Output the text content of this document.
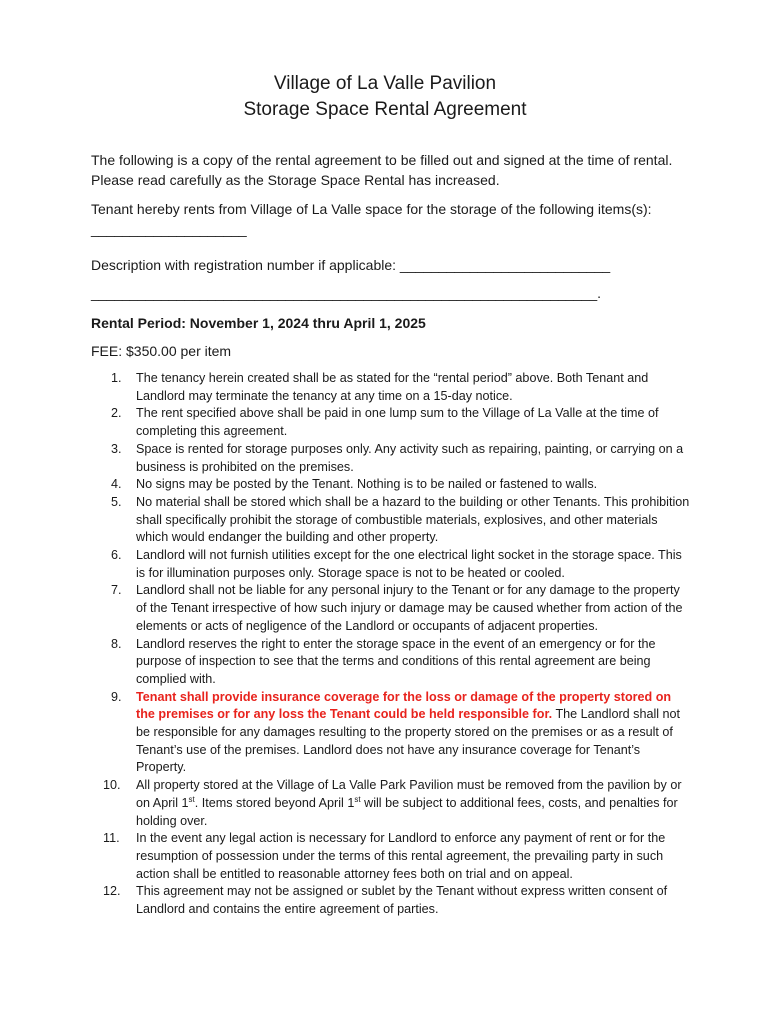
Village of La Valle Pavilion

Storage Space Rental Agreement

The following is a copy of the rental agreement to be filled out and signed at the time of rental. Please read carefully as the Storage Space Rental has increased.
Tenant hereby rents from Village of La Valle space for the storage of the following items(s): ____________________
Description with registration number if applicable: ___________________________
_________________________________________________________________.
Rental Period: November 1, 2024 thru April 1, 2025
FEE: $350.00 per item
1.	The tenancy herein created shall be as stated for the “rental period” above. Both Tenant and Landlord may terminate the tenancy at any time on a 15-day notice.
2.	The rent specified above shall be paid in one lump sum to the Village of La Valle at the time of completing this agreement.
3.	Space is rented for storage purposes only. Any activity such as repairing, painting, or carrying on a business is prohibited on the premises.
4.	No signs may be posted by the Tenant. Nothing is to be nailed or fastened to walls.
5.	No material shall be stored which shall be a hazard to the building or other Tenants. This prohibition shall specifically prohibit the storage of combustible materials, explosives, and other materials which would endanger the building and other property.
6.	Landlord will not furnish utilities except for the one electrical light socket in the storage space. This is for illumination purposes only. Storage space is not to be heated or cooled.
7.	Landlord shall not be liable for any personal injury to the Tenant or for any damage to the property of the Tenant irrespective of how such injury or damage may be caused whether from action of the elements or acts of negligence of the Landlord or occupants of adjacent properties.
8.	Landlord reserves the right to enter the storage space in the event of an emergency or for the purpose of inspection to see that the terms and conditions of this rental agreement are being complied with.
9.	Tenant shall provide insurance coverage for the loss or damage of the property stored on the premises or for any loss the Tenant could be held responsible for. The Landlord shall not be responsible for any damages resulting to the property stored on the premises or as a result of Tenant’s use of the premises. Landlord does not have any insurance coverage for Tenant’s Property.
10.	All property stored at the Village of La Valle Park Pavilion must be removed from the pavilion by or on April 1st. Items stored beyond April 1st will be subject to additional fees, costs, and penalties for holding over.
11.	In the event any legal action is necessary for Landlord to enforce any payment of rent or for the resumption of possession under the terms of this rental agreement, the prevailing party in such action shall be entitled to reasonable attorney fees both on trial and on appeal.
12.	This agreement may not be assigned or sublet by the Tenant without express written consent of Landlord and contains the entire agreement of parties.
